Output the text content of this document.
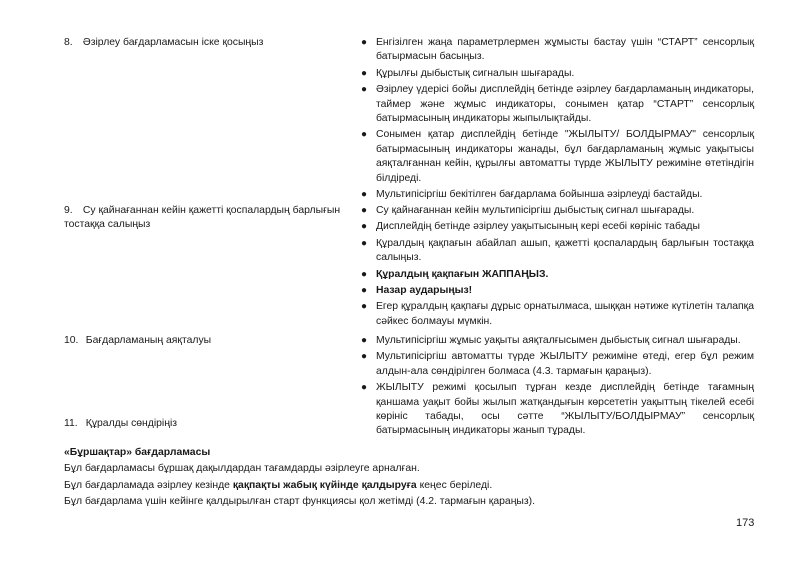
8. Әзірлеу бағдарламасын іске қосыңыз	● Енгізілген жаңа параметрлермен жұмысты бастау үшін “СТАРТ” сенсорлық батырмасын басыңыз.
● Құрылғы дыбыстық сигналын шығарады.
● Әзірлеу үдерісі бойы дисплейдің бетінде әзірлеу бағдарламаның индикаторы, таймер және жұмыс индикаторы, сонымен қатар “СТАРТ” сенсорлық батырмасының индикаторы жыпылықтайды.
● Сонымен қатар дисплейдің бетінде "ЖЫЛЫТУ/ БОЛДЫРМАУ" сенсорлық батырмасының индикаторы жанады, бұл бағдарламаның жұмыс уақытысы аяқталғаннан кейін, құрылғы автоматты түрде ЖЫЛЫТУ режиміне өтетіндігін білдіреді.
● Мультипісіргіш бекітілген бағдарлама бойынша әзірлеуді бастайды.
9. Су қайнағаннан кейін қажетті қоспалардың барлығын тостаққа салыңыз
● Су қайнағаннан кейін мультипісіргіш дыбыстық сигнал шығарады.
● Дисплейдің бетінде әзірлеу уақытысының кері есебі көрініс табады
● Құралдың қақпағын абайлап ашып, қажетті қоспалардың барлығын тостаққа салыңыз.
● Құралдың қақпағын ЖАППАҢЫЗ.
● Назар аударыңыз!
● Егер құралдың қақпағы дұрыс орнатылмаса, шыққан нәтиже күтілетін талапқа сәйкес болмауы мүмкін.
10. Бағдарламаның аяқталуы	● Мультипісіргіш жұмыс уақыты аяқталғысымен дыбыстық сигнал шығарады.
● Мультипісіргіш автоматты түрде ЖЫЛЫТУ режиміне өтеді, егер бұл режим алдын-ала сөндірілген болмаса (4.3. тармағын қараңыз).
● ЖЫЛЫТУ режимі қосылып тұрған кезде дисплейдің бетінде тағамның қаншама уақыт бойы жылып жатқандығын көрсететін уақыттың тікелей есебі көрініс табады, осы сәтте “ЖЫЛЫТУ/БОЛДЫРМАУ” сенсорлық батырмасының индикаторы жанып тұрады.
11. Құралды сөндіріңіз

«Бұршақтар» бағдарламасы

Бұл бағдарламасы бұршақ дақылдардан тағамдарды әзірлеуге арналған.

Бұл бағдарламада әзірлеу кезінде қақпақты жабық күйінде қалдыруға кеңес беріледі.

Бұл бағдарлама үшін кейінге қалдырылған старт функциясы қол жетімді (4.2. тармағын қараңыз).

173
